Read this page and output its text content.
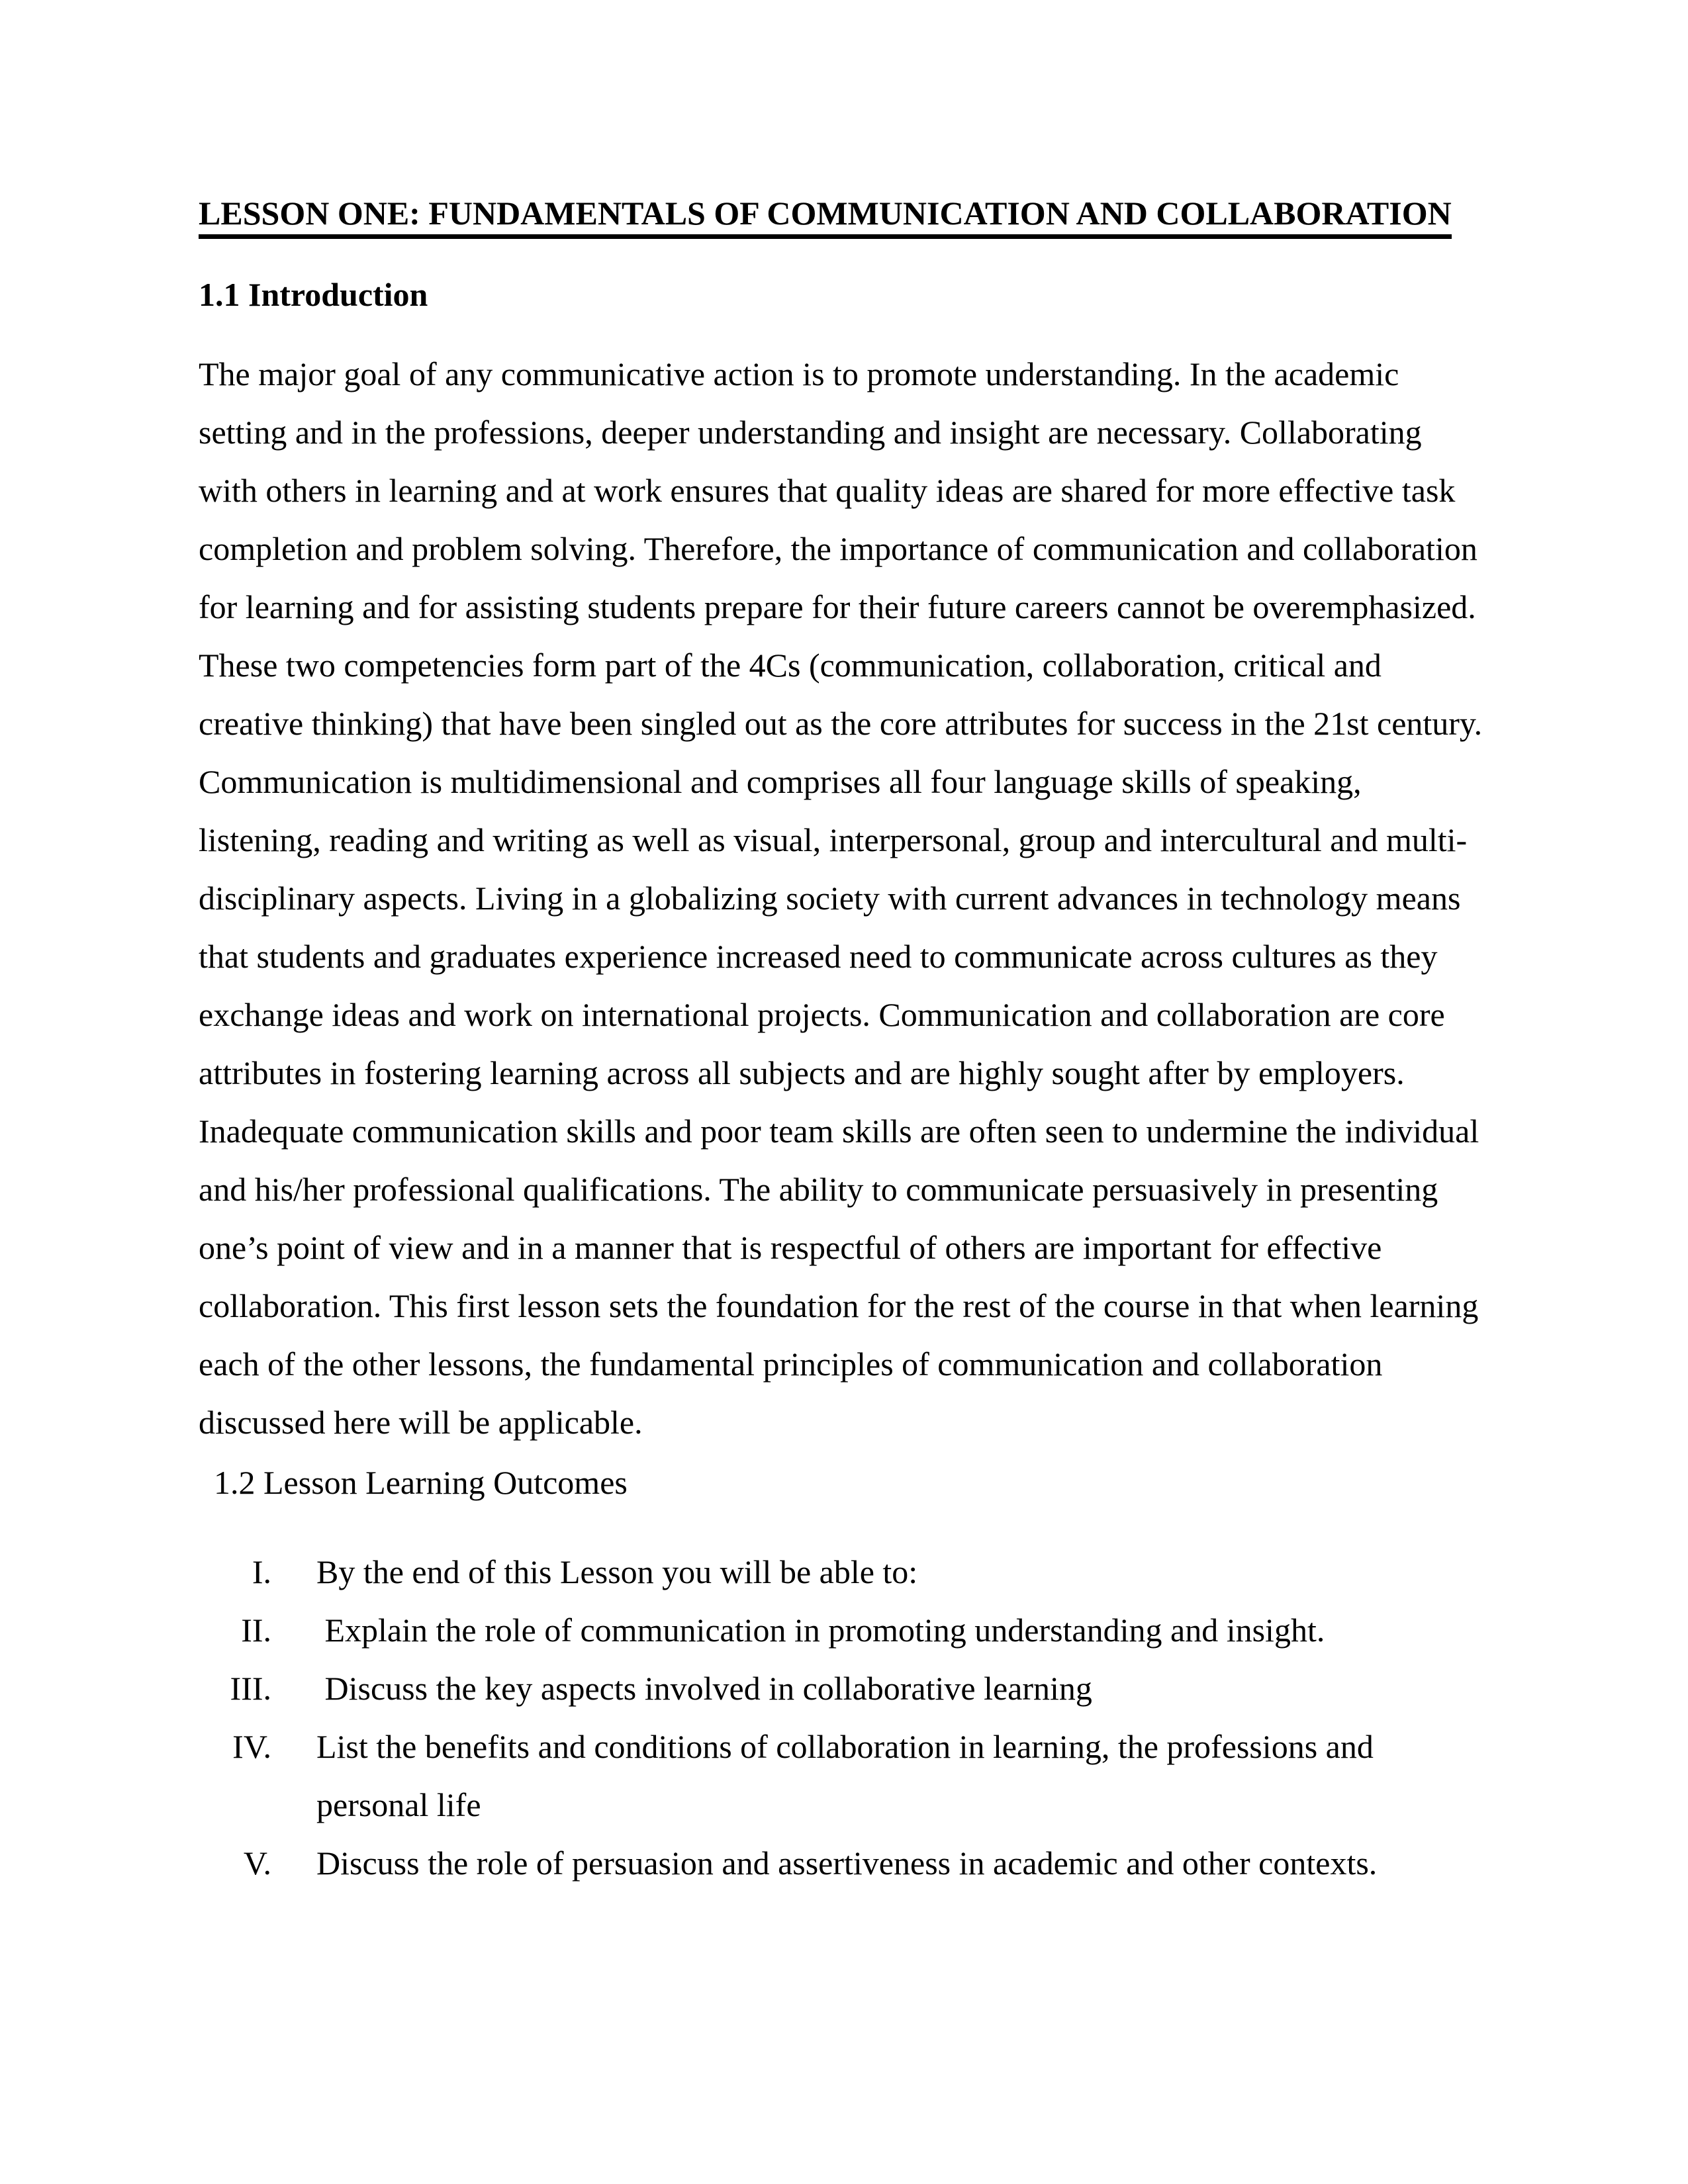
LESSON ONE: FUNDAMENTALS OF COMMUNICATION AND COLLABORATION
1.1 Introduction
The major goal of any communicative action is to promote understanding. In the academic
setting and in the professions, deeper understanding and insight are necessary. Collaborating
with others in learning and at work ensures that quality ideas are shared for more effective task
completion and problem solving. Therefore, the importance of communication and collaboration
for learning and for assisting students prepare for their future careers cannot be overemphasized.
These two competencies form part of the 4Cs (communication, collaboration, critical and
creative thinking) that have been singled out as the core attributes for success in the 21st century.
Communication is multidimensional and comprises all four language skills of speaking,
listening, reading and writing as well as visual, interpersonal, group and intercultural and multi-
disciplinary aspects. Living in a globalizing society with current advances in technology means
that students and graduates experience increased need to communicate across cultures as they
exchange ideas and work on international projects. Communication and collaboration are core
attributes in fostering learning across all subjects and are highly sought after by employers.
Inadequate communication skills and poor team skills are often seen to undermine the individual
and his/her professional qualifications. The ability to communicate persuasively in presenting
one’s point of view and in a manner that is respectful of others are important for effective
collaboration. This first lesson sets the foundation for the rest of the course in that when learning
each of the other lessons, the fundamental principles of communication and collaboration
discussed here will be applicable.
1.2 Lesson Learning Outcomes
I.	By the end of this Lesson you will be able to:
II.	Explain the role of communication in promoting understanding and insight.
III.	Discuss the key aspects involved in collaborative learning
IV.	List the benefits and conditions of collaboration in learning, the professions and
personal life
V.	Discuss the role of persuasion and assertiveness in academic and other contexts.
